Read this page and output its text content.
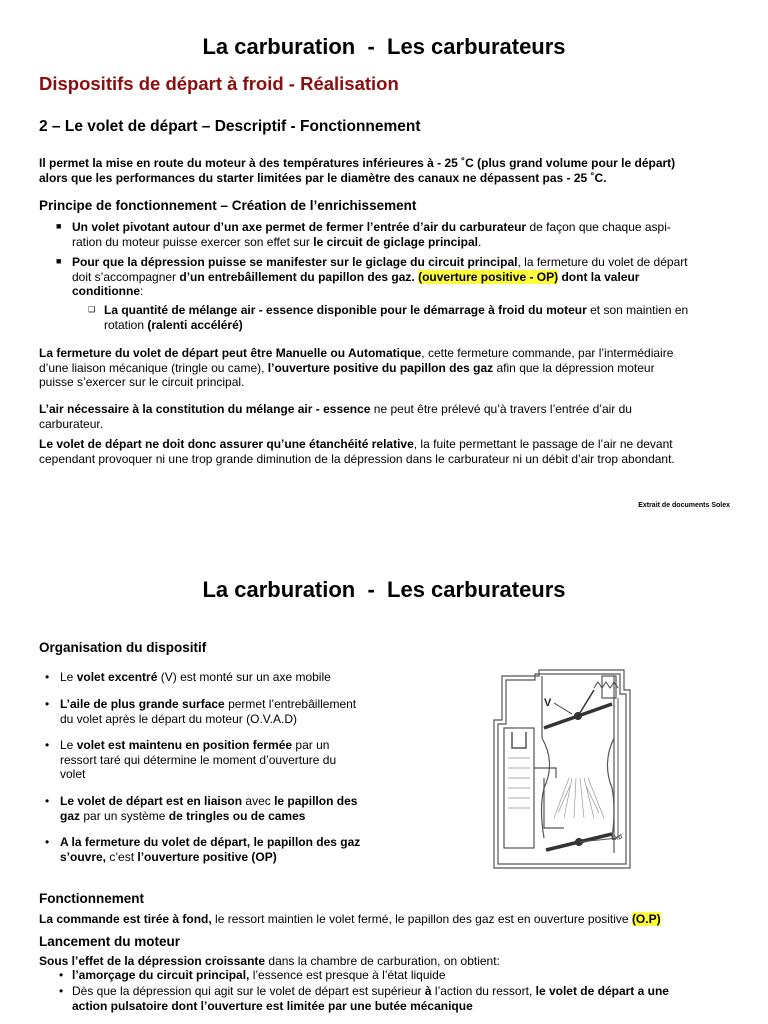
La carburation  -  Les carburateurs
Dispositifs de départ à froid - Réalisation
2 – Le volet de départ – Descriptif - Fonctionnement

Il permet la mise en route du moteur à des températures inférieures à - 25 ˚C (plus grand volume pour le départ)

alors que les performances du starter limitées par le diamètre des canaux ne dépassent pas - 25 ˚C.

Principe de fonctionnement – Création de l’enrichissement
■ Un volet pivotant autour d’un axe permet de fermer l’entrée d’air du carburateur de façon que chaque aspi-

ration du moteur puisse exercer son effet sur le circuit de giclage principal.

■ Pour que la dépression puisse se manifester sur le giclage du circuit principal, la fermeture du volet de départ

doit s’accompagner d’un entrebâillement du papillon des gaz. (ouverture positive - OP) dont la valeur

conditionne:

❑ La quantité de mélange air - essence disponible pour le démarrage à froid du moteur et son maintien en

rotation (ralenti accéléré)

La fermeture du volet de départ peut être Manuelle ou Automatique, cette fermeture commande, par l’intermédiaire

d’une liaison mécanique (tringle ou came), l’ouverture positive du papillon des gaz afin que la dépression moteur

puisse s’exercer sur le circuit principal.

L’air nécessaire à la constitution du mélange air - essence ne peut être prélevé qu’à travers l’entrée d’air du

carburateur.

Le volet de départ ne doit donc assurer qu’une étanchéité relative, la fuite permettant le passage de l’air ne devant

cependant provoquer ni une trop grande diminution de la dépression dans le carburateur ni un débit d’air trop abondant.

Extrait de documents Solex
La carburation  -  Les carburateurs
Organisation du dispositif
• Le volet excentré (V) est monté sur un axe mobile

• L’aile de plus grande surface permet l’entrebâillement

du volet après le départ du moteur (O.V.A.D)

• Le volet est maintenu en position fermée par un

ressort taré qui détermine le moment d’ouverture du

volet

• Le volet de départ est en liaison avec le papillon des

gaz par un système de tringles ou de cames

• A la fermeture du volet de départ, le papillon des gaz

s’ouvre, c’est l’ouverture positive (OP)

V
O.P
Fonctionnement

La commande est tirée à fond, le ressort maintien le volet fermé, le papillon des gaz est en ouverture positive (O.P)

Lancement du moteur

Sous l’effet de la dépression croissante dans la chambre de carburation, on obtient:

• l’amorçage du circuit principal, l’essence est presque à l’état liquide

• Dès que la dépression qui agit sur le volet de départ est supérieur à l’action du ressort, le volet de départ a une

action pulsatoire dont l’ouverture est limitée par une butée mécanique
